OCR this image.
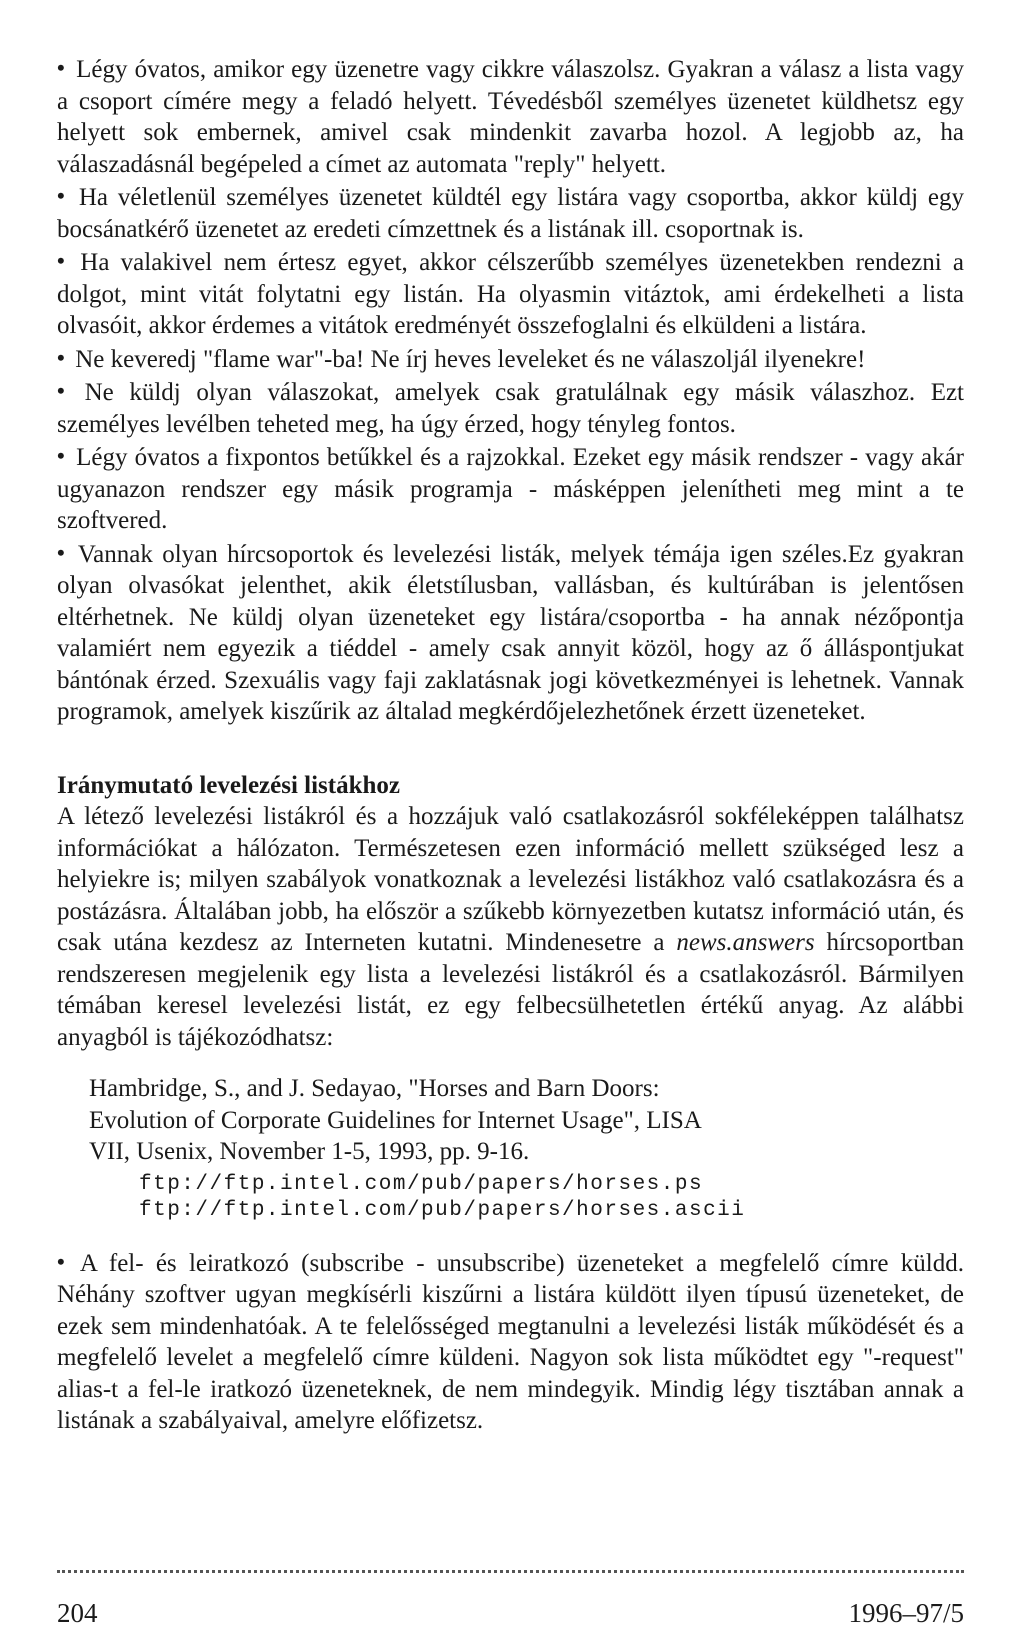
• Légy óvatos, amikor egy üzenetre vagy cikkre válaszolsz. Gyakran a válasz a lista vagy a csoport címére megy a feladó helyett. Tévedésből személyes üzenetet küldhetsz egy helyett sok embernek, amivel csak mindenkit zavarba hozol. A legjobb az, ha válaszadásnál begépeled a címet az automata "reply" helyett.

• Ha véletlenül személyes üzenetet küldtél egy listára vagy csoportba, akkor küldj egy bocsánatkérő üzenetet az eredeti címzettnek és a listának ill. csoportnak is.

• Ha valakivel nem értesz egyet, akkor célszerűbb személyes üzenetekben rendezni a dolgot, mint vitát folytatni egy listán. Ha olyasmin vitáztok, ami érdekelheti a lista olvasóit, akkor érdemes a vitátok eredményét összefoglalni és elküldeni a listára.

• Ne keveredj "flame war"-ba! Ne írj heves leveleket és ne válaszoljál ilyenekre!

• Ne küldj olyan válaszokat, amelyek csak gratulálnak egy másik válaszhoz. Ezt személyes levélben teheted meg, ha úgy érzed, hogy tényleg fontos.

• Légy óvatos a fixpontos betűkkel és a rajzokkal. Ezeket egy másik rendszer - vagy akár ugyanazon rendszer egy másik programja - másképpen jelenítheti meg mint a te szoftvered.

• Vannak olyan hírcsoportok és levelezési listák, melyek témája igen széles.Ez gyakran olyan olvasókat jelenthet, akik életstílusban, vallásban, és kultúrában is jelentősen eltérhetnek. Ne küldj olyan üzeneteket egy listára/csoportba - ha annak nézőpontja valamiért nem egyezik a tiéddel - amely csak annyit közöl, hogy az ő álláspontjukat bántónak érzed. Szexuális vagy faji zaklatásnak jogi következményei is lehetnek. Vannak programok, amelyek kiszűrik az általad megkérdőjelezhetőnek érzett üzeneteket.

Iránymutató levelezési listákhoz

A létező levelezési listákról és a hozzájuk való csatlakozásról sokféleképpen találhatsz információkat a hálózaton. Természetesen ezen információ mellett szükséged lesz a helyiekre is; milyen szabályok vonatkoznak a levelezési listákhoz való csatlakozásra és a postázásra. Általában jobb, ha először a szűkebb környezetben kutatsz információ után, és csak utána kezdesz az Interneten kutatni. Mindenesetre a news.answers hírcsoportban rendszeresen megjelenik egy lista a levelezési listákról és a csatlakozásról. Bármilyen témában keresel levelezési listát, ez egy felbecsülhetetlen értékű anyag. Az alábbi anyagból is tájékozódhatsz:

Hambridge, S., and J. Sedayao, "Horses and Barn Doors:
Evolution of Corporate Guidelines for Internet Usage", LISA
VII, Usenix, November 1-5, 1993, pp. 9-16.
ftp://ftp.intel.com/pub/papers/horses.ps
ftp://ftp.intel.com/pub/papers/horses.ascii

• A fel- és leiratkozó (subscribe - unsubscribe) üzeneteket a megfelelő címre küldd. Néhány szoftver ugyan megkísérli kiszűrni a listára küldött ilyen típusú üzeneteket, de ezek sem mindenhatóak. A te felelősséged megtanulni a levelezési listák működését és a megfelelő levelet a megfelelő címre küldeni. Nagyon sok lista működtet egy "-request" alias-t a fel-le iratkozó üzeneteknek, de nem mindegyik. Mindig légy tisztában annak a listának a szabályaival, amelyre előfizetsz.

204	1996–97/5
